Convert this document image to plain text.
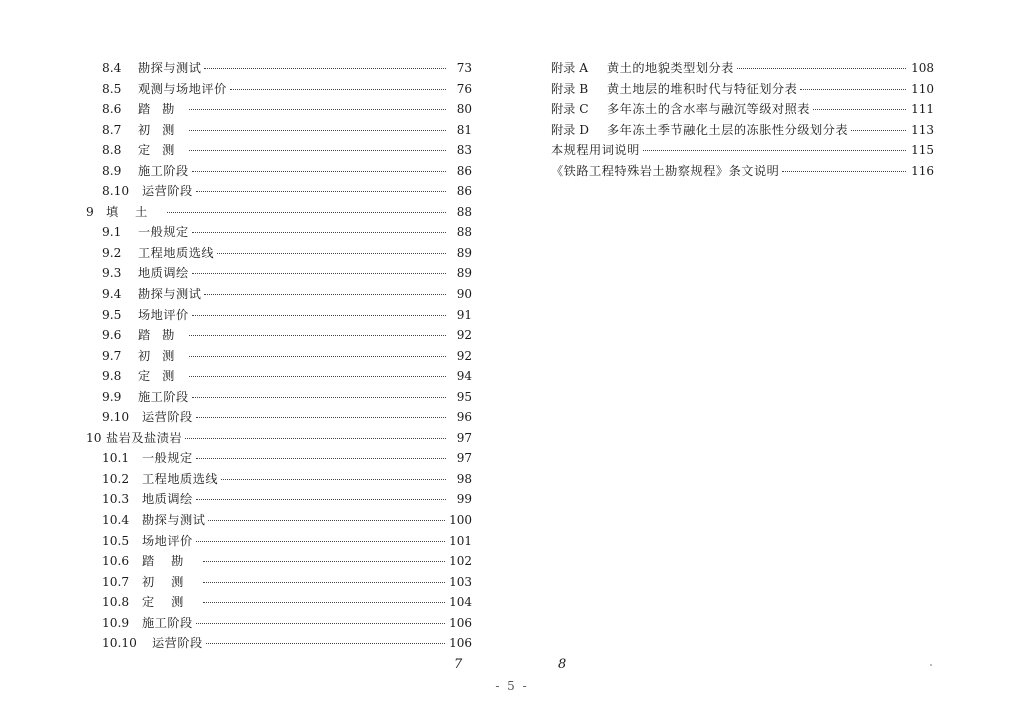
8.4	勘探与测试	73
8.5	观测与场地评价	76
8.6	踏勘	80
8.7	初测	81
8.8	定测	83
8.9	施工阶段	86
8.10	运营阶段	86
9	填土	88
9.1	一般规定	88
9.2	工程地质选线	89
9.3	地质调绘	89
9.4	勘探与测试	90
9.5	场地评价	91
9.6	踏勘	92
9.7	初测	92
9.8	定测	94
9.9	施工阶段	95
9.10	运营阶段	96
10 盐岩及盐渍岩	97
10.1	一般规定	97
10.2	工程地质选线	98
10.3	地质调绘	99
10.4	勘探与测试	100
10.5	场地评价	101
10.6	踏勘	102
10.7	初测	103
10.8	定测	104
10.9	施工阶段	106
10.10	运营阶段	106
附录 A	黄土的地貌类型划分表	108
附录 B	黄土地层的堆积时代与特征划分表	110
附录 C	多年冻土的含水率与融沉等级对照表	111
附录 D	多年冻土季节融化土层的冻胀性分级划分表	113
本规程用词说明	115
《铁路工程特殊岩土勘察规程》条文说明	116
7	8
- 5 -
